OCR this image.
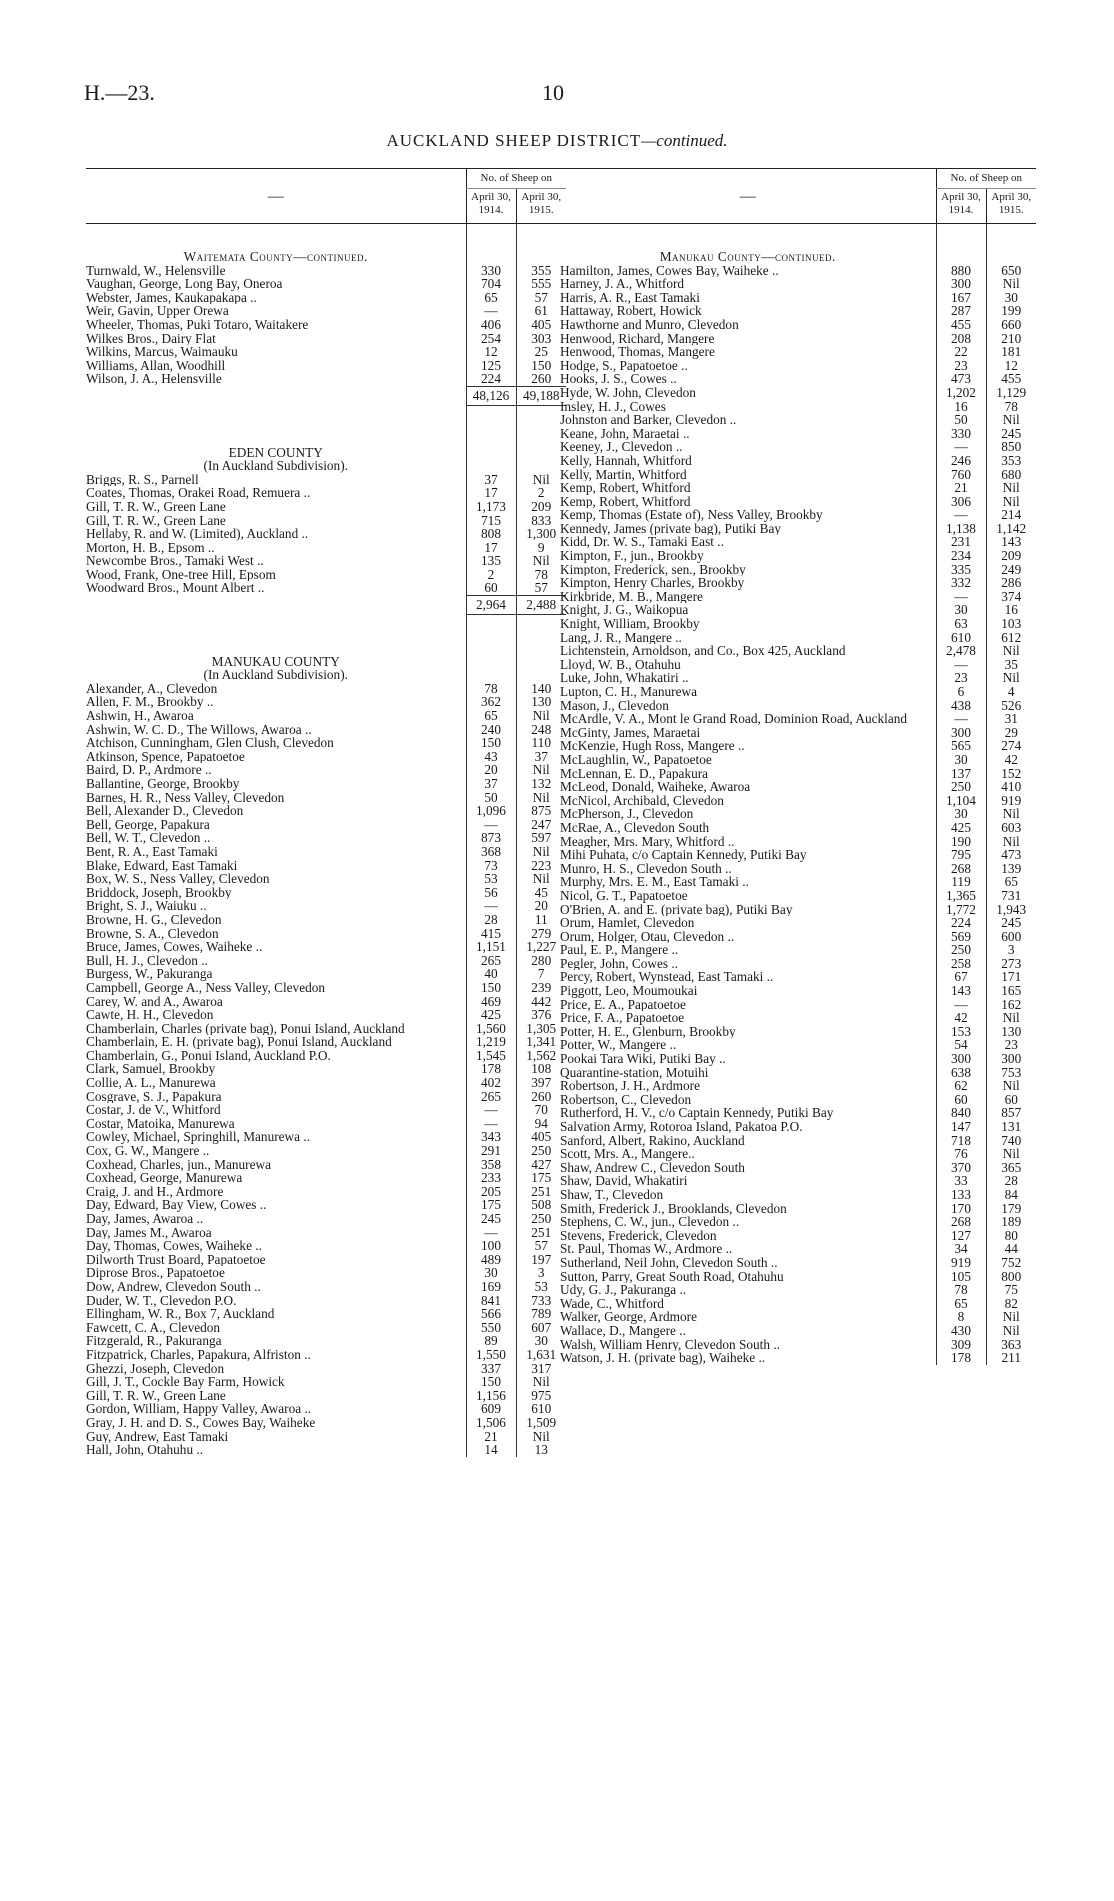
H.—23.	10
AUCKLAND SHEEP DISTRICT—continued.
—	No. of Sheep on	
	April 30, 1914.	April 30, 1915.

Waitemata County—continued.		
Turnwald, W., Helensville	330	355
Vaughan, George, Long Bay, Oneroa	704	555
Webster, James, Kaukapakapa ..	65	57
Weir, Gavin, Upper Orewa	—	61
Wheeler, Thomas, Puki Totaro, Waitakere	406	405
Wilkes Bros., Dairy Flat	254	303
Wilkins, Marcus, Waimauku	12	25
Williams, Allan, Woodhill	125	150
Wilson, J. A., Helensville	224	260
	48,126	49,188

EDEN COUNTY		
(In Auckland Subdivision).		
Briggs, R. S., Parnell	37	Nil
Coates, Thomas, Orakei Road, Remuera ..	17	2
Gill, T. R. W., Green Lane	1,173	209
Gill, T. R. W., Green Lane	715	833
Hellaby, R. and W. (Limited), Auckland ..	808	1,300
Morton, H. B., Epsom ..	17	9
Newcombe Bros., Tamaki West ..	135	Nil
Wood, Frank, One-tree Hill, Epsom	2	78
Woodward Bros., Mount Albert ..	60	57
	2,964	2,488

MANUKAU COUNTY		
(In Auckland Subdivision).		
Alexander, A., Clevedon	78	140
Allen, F. M., Brookby ..	362	130
Ashwin, H., Awaroa	65	Nil
Ashwin, W. C. D., The Willows, Awaroa ..	240	248
Atchison, Cunningham, Glen Clush, Clevedon	150	110
Atkinson, Spence, Papatoetoe	43	37
Baird, D. P., Ardmore ..	20	Nil
Ballantine, George, Brookby	37	132
Barnes, H. R., Ness Valley, Clevedon	50	Nil
Bell, Alexander D., Clevedon	1,096	875
Bell, George, Papakura	—	247
Bell, W. T., Clevedon ..	873	597
Bent, R. A., East Tamaki	368	Nil
Blake, Edward, East Tamaki	73	223
Box, W. S., Ness Valley, Clevedon	53	Nil
Briddock, Joseph, Brookby	56	45
Bright, S. J., Waiuku ..	—	20
Browne, H. G., Clevedon	28	11
Browne, S. A., Clevedon	415	279
Bruce, James, Cowes, Waiheke ..	1,151	1,227
Bull, H. J., Clevedon ..	265	280
Burgess, W., Pakuranga	40	7
Campbell, George A., Ness Valley, Clevedon	150	239
Carey, W. and A., Awaroa	469	442
Cawte, H. H., Clevedon	425	376
Chamberlain, Charles (private bag), Ponui Island, Auckland	1,560	1,305
Chamberlain, E. H. (private bag), Ponui Island, Auckland	1,219	1,341
Chamberlain, G., Ponui Island, Auckland P.O.	1,545	1,562
Clark, Samuel, Brookby	178	108
Collie, A. L., Manurewa	402	397
Cosgrave, S. J., Papakura	265	260
Costar, J. de V., Whitford	—	70
Costar, Matoika, Manurewa	—	94
Cowley, Michael, Springhill, Manurewa ..	343	405
Cox, G. W., Mangere ..	291	250
Coxhead, Charles, jun., Manurewa	358	427
Coxhead, George, Manurewa	233	175
Craig, J. and H., Ardmore	205	251
Day, Edward, Bay View, Cowes ..	175	508
Day, James, Awaroa ..	245	250
Day, James M., Awaroa	—	251
Day, Thomas, Cowes, Waiheke ..	100	57
Dilworth Trust Board, Papatoetoe	489	197
Diprose Bros., Papatoetoe	30	3
Dow, Andrew, Clevedon South ..	169	53
Duder, W. T., Clevedon P.O.	841	733
Ellingham, W. R., Box 7, Auckland	566	789
Fawcett, C. A., Clevedon	550	607
Fitzgerald, R., Pakuranga	89	30
Fitzpatrick, Charles, Papakura, Alfriston ..	1,550	1,631
Ghezzi, Joseph, Clevedon	337	317
Gill, J. T., Cockle Bay Farm, Howick	150	Nil
Gill, T. R. W., Green Lane	1,156	975
Gordon, William, Happy Valley, Awaroa ..	609	610
Gray, J. H. and D. S., Cowes Bay, Waiheke	1,506	1,509
Guy, Andrew, East Tamaki	21	Nil
Hall, John, Otahuhu ..	14	13
—	No. of Sheep on	
	April 30, 1914.	April 30, 1915.

Manukau County—continued.		
Hamilton, James, Cowes Bay, Waiheke ..	880	650
Harney, J. A., Whitford	300	Nil
Harris, A. R., East Tamaki	167	30
Hattaway, Robert, Howick	287	199
Hawthorne and Munro, Clevedon	455	660
Henwood, Richard, Mangere	208	210
Henwood, Thomas, Mangere	22	181
Hodge, S., Papatoetoe ..	23	12
Hooks, J. S., Cowes ..	473	455
Hyde, W. John, Clevedon	1,202	1,129
Insley, H. J., Cowes	16	78
Johnston and Barker, Clevedon ..	50	Nil
Keane, John, Maraetai ..	330	245
Keeney, J., Clevedon ..	—	850
Kelly, Hannah, Whitford	246	353
Kelly, Martin, Whitford	760	680
Kemp, Robert, Whitford	21	Nil
Kemp, Robert, Whitford	306	Nil
Kemp, Thomas (Estate of), Ness Valley, Brookby	—	214
Kennedy, James (private bag), Putiki Bay	1,138	1,142
Kidd, Dr. W. S., Tamaki East ..	231	143
Kimpton, F., jun., Brookby	234	209
Kimpton, Frederick, sen., Brookby	335	249
Kimpton, Henry Charles, Brookby	332	286
Kirkbride, M. B., Mangere	—	374
Knight, J. G., Waikopua	30	16
Knight, William, Brookby	63	103
Lang, J. R., Mangere ..	610	612
Lichtenstein, Arnoldson, and Co., Box 425, Auckland	2,478	Nil
Lloyd, W. B., Otahuhu	—	35
Luke, John, Whakatiri ..	23	Nil
Lupton, C. H., Manurewa	6	4
Mason, J., Clevedon	438	526
McArdle, V. A., Mont le Grand Road, Dominion Road, Auckland	—	31
McGinty, James, Maraetai	300	29
McKenzie, Hugh Ross, Mangere ..	565	274
McLaughlin, W., Papatoetoe	30	42
McLennan, E. D., Papakura	137	152
McLeod, Donald, Waiheke, Awaroa	250	410
McNicol, Archibald, Clevedon	1,104	919
McPherson, J., Clevedon	30	Nil
McRae, A., Clevedon South	425	603
Meagher, Mrs. Mary, Whitford ..	190	Nil
Mihi Puhata, c/o Captain Kennedy, Putiki Bay	795	473
Munro, H. S., Clevedon South ..	268	139
Murphy, Mrs. E. M., East Tamaki ..	119	65
Nicol, G. T., Papatoetoe	1,365	731
O'Brien, A. and E. (private bag), Putiki Bay	1,772	1,943
Orum, Hamlet, Clevedon	224	245
Orum, Holger, Otau, Clevedon ..	569	600
Paul, E. P., Mangere ..	250	3
Pegler, John, Cowes ..	258	273
Percy, Robert, Wynstead, East Tamaki ..	67	171
Piggott, Leo, Moumoukai	143	165
Price, E. A., Papatoetoe	—	162
Price, F. A., Papatoetoe	42	Nil
Potter, H. E., Glenburn, Brookby	153	130
Potter, W., Mangere ..	54	23
Pookai Tara Wiki, Putiki Bay ..	300	300
Quarantine-station, Motuihi	638	753
Robertson, J. H., Ardmore	62	Nil
Robertson, C., Clevedon	60	60
Rutherford, H. V., c/o Captain Kennedy, Putiki Bay	840	857
Salvation Army, Rotoroa Island, Pakatoa P.O.	147	131
Sanford, Albert, Rakino, Auckland	718	740
Scott, Mrs. A., Mangere..	76	Nil
Shaw, Andrew C., Clevedon South	370	365
Shaw, David, Whakatiri	33	28
Shaw, T., Clevedon	133	84
Smith, Frederick J., Brooklands, Clevedon	170	179
Stephens, C. W., jun., Clevedon ..	268	189
Stevens, Frederick, Clevedon	127	80
St. Paul, Thomas W., Ardmore ..	34	44
Sutherland, Neil John, Clevedon South ..	919	752
Sutton, Parry, Great South Road, Otahuhu	105	800
Udy, G. J., Pakuranga ..	78	75
Wade, C., Whitford	65	82
Walker, George, Ardmore	8	Nil
Wallace, D., Mangere ..	430	Nil
Walsh, William Henry, Clevedon South ..	309	363
Watson, J. H. (private bag), Waiheke ..	178	211
